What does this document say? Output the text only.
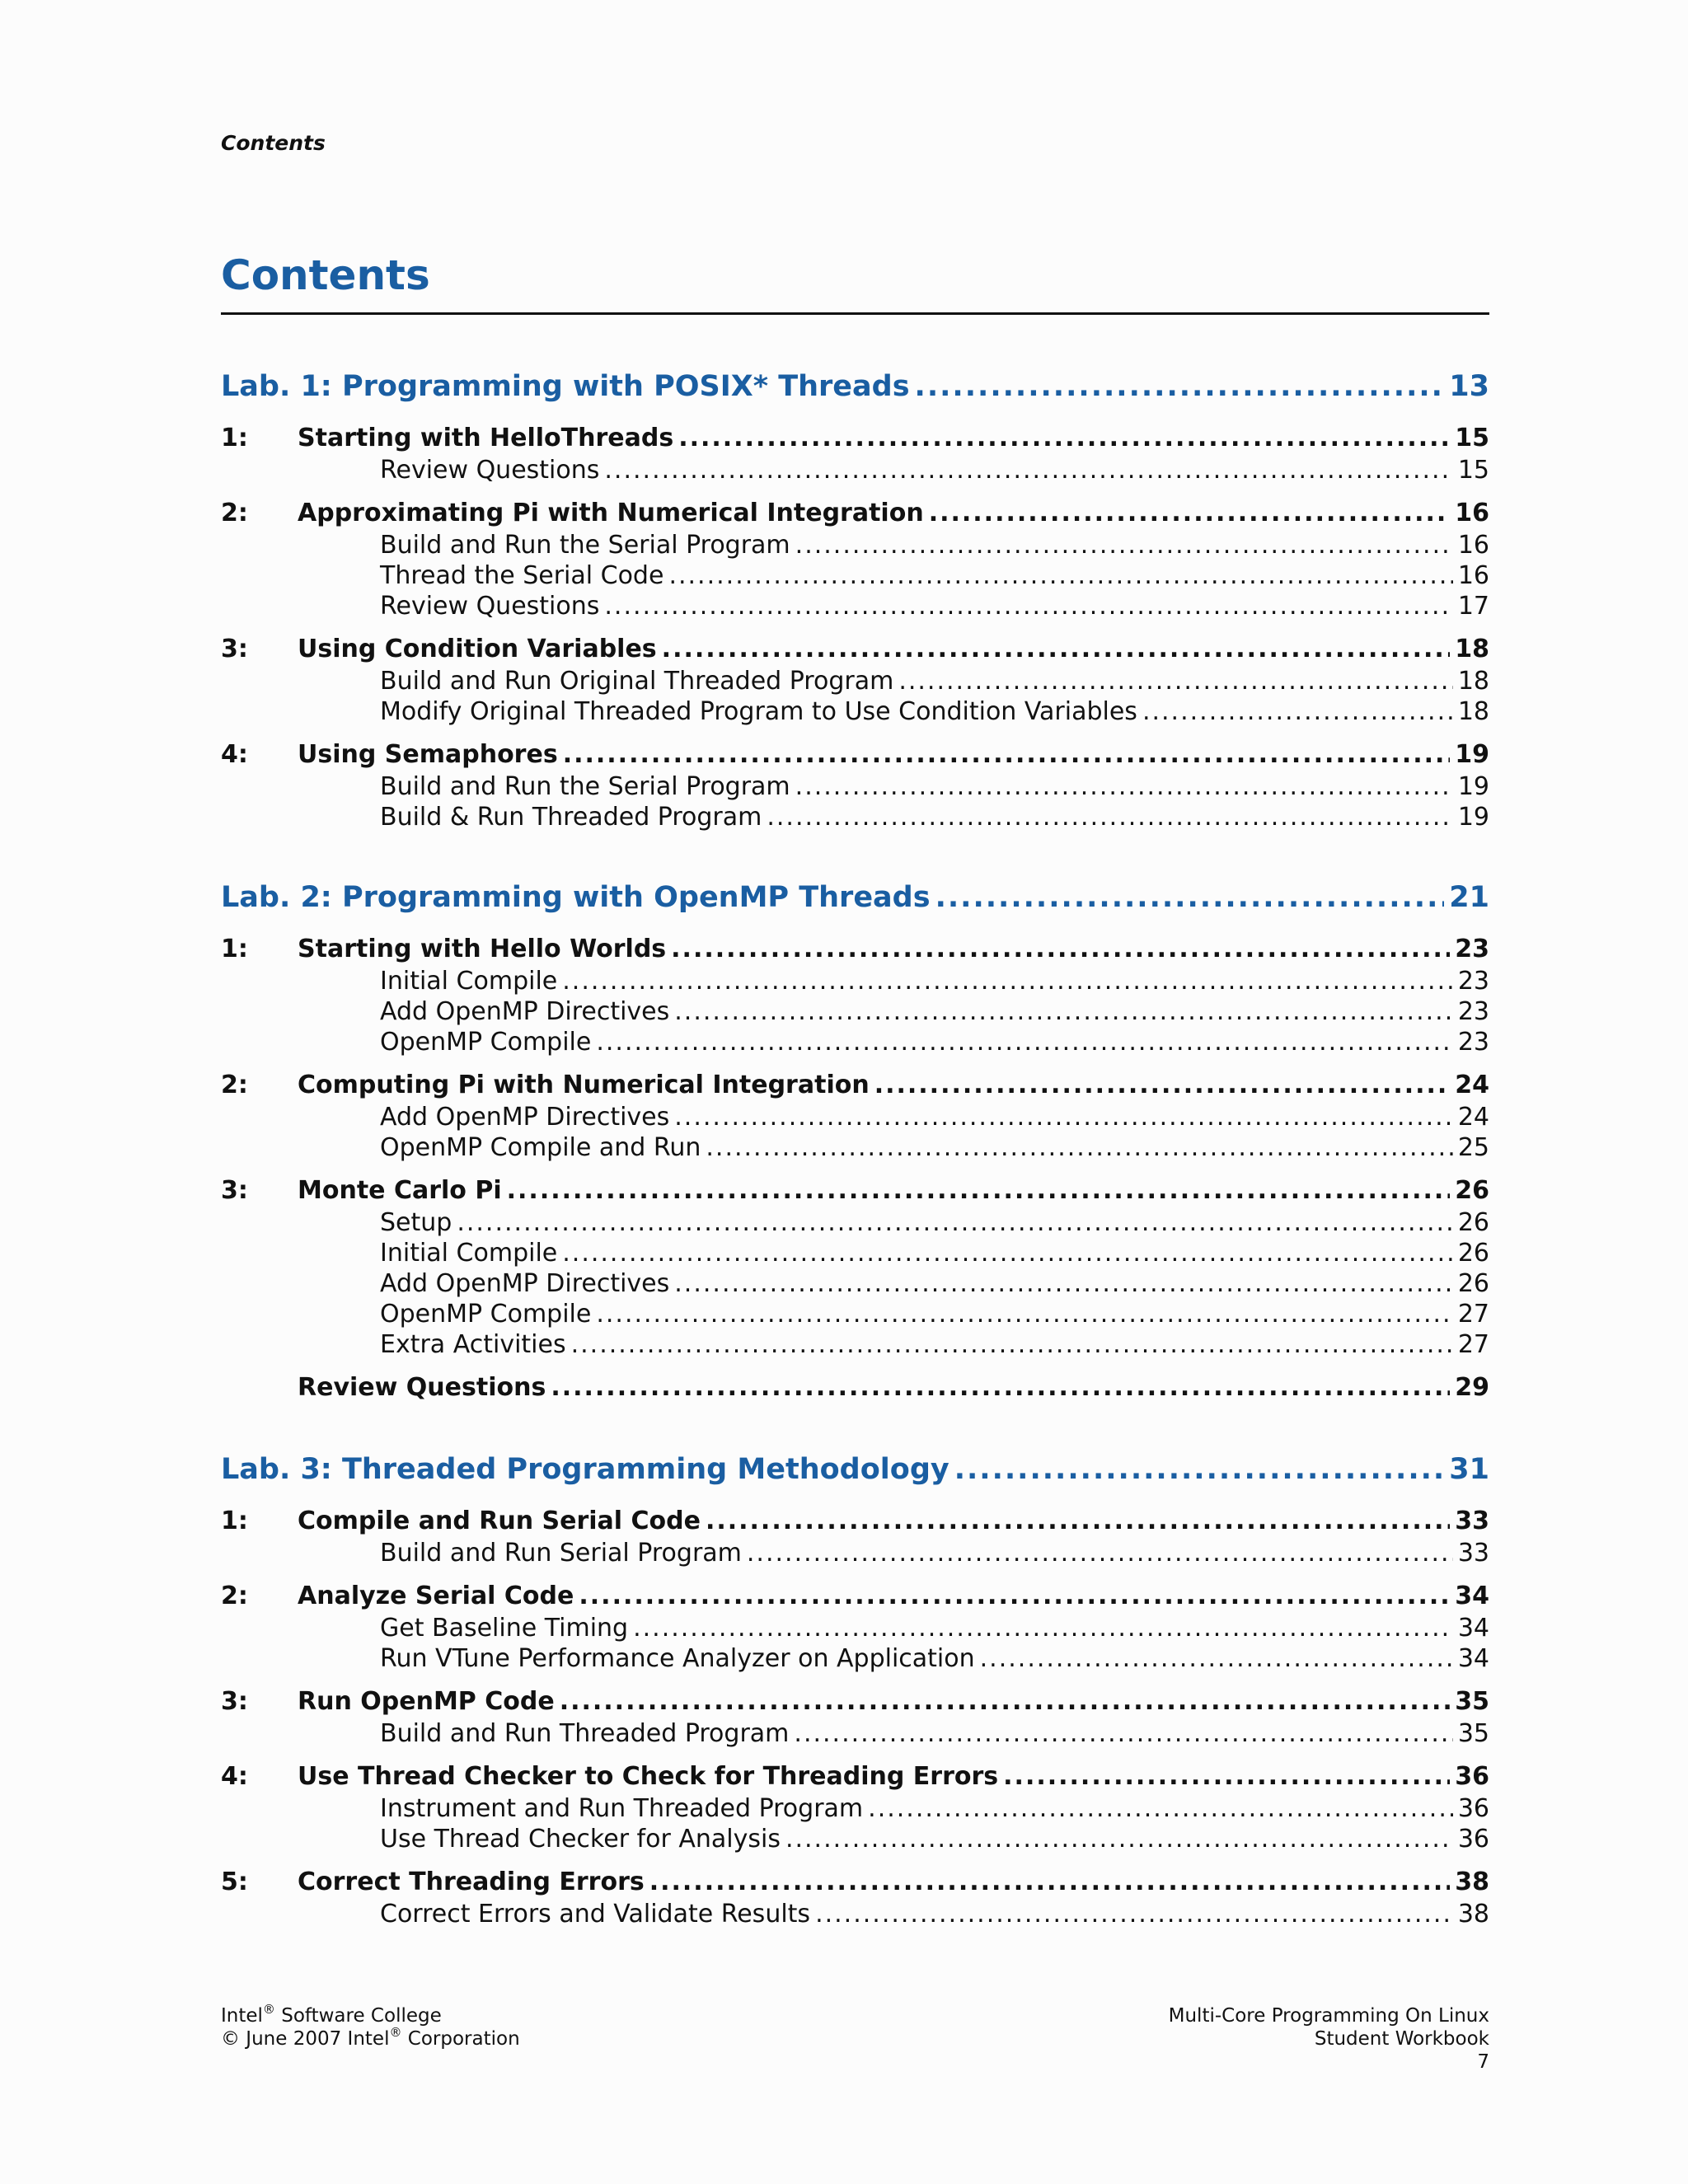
Contents
Contents
Lab. 1: Programming with POSIX* Threads .....	13
1:	Starting with HelloThreads .....	15
Review Questions .....	15
2:	Approximating Pi with Numerical Integration .....	16
Build and Run the Serial Program .....	16
Thread the Serial Code .....	16
Review Questions .....	17
3:	Using Condition Variables .....	18
Build and Run Original Threaded Program .....	18
Modify Original Threaded Program to Use Condition Variables .....	18
4:	Using Semaphores .....	19
Build and Run the Serial Program .....	19
Build & Run Threaded Program .....	19
Lab. 2: Programming with OpenMP Threads .....	21
1:	Starting with Hello Worlds .....	23
Initial Compile .....	23
Add OpenMP Directives .....	23
OpenMP Compile .....	23
2:	Computing Pi with Numerical Integration .....	24
Add OpenMP Directives .....	24
OpenMP Compile and Run .....	25
3:	Monte Carlo Pi .....	26
Setup .....	26
Initial Compile .....	26
Add OpenMP Directives .....	26
OpenMP Compile .....	27
Extra Activities .....	27
Review Questions .....	29
Lab. 3: Threaded Programming Methodology .....	31
1:	Compile and Run Serial Code .....	33
Build and Run Serial Program .....	33
2:	Analyze Serial Code .....	34
Get Baseline Timing .....	34
Run VTune Performance Analyzer on Application .....	34
3:	Run OpenMP Code .....	35
Build and Run Threaded Program .....	35
4:	Use Thread Checker to Check for Threading Errors .....	36
Instrument and Run Threaded Program .....	36
Use Thread Checker for Analysis .....	36
5:	Correct Threading Errors .....	38
Correct Errors and Validate Results .....	38
Intel® Software College
© June 2007 Intel® Corporation
Multi-Core Programming On Linux
Student Workbook
7
